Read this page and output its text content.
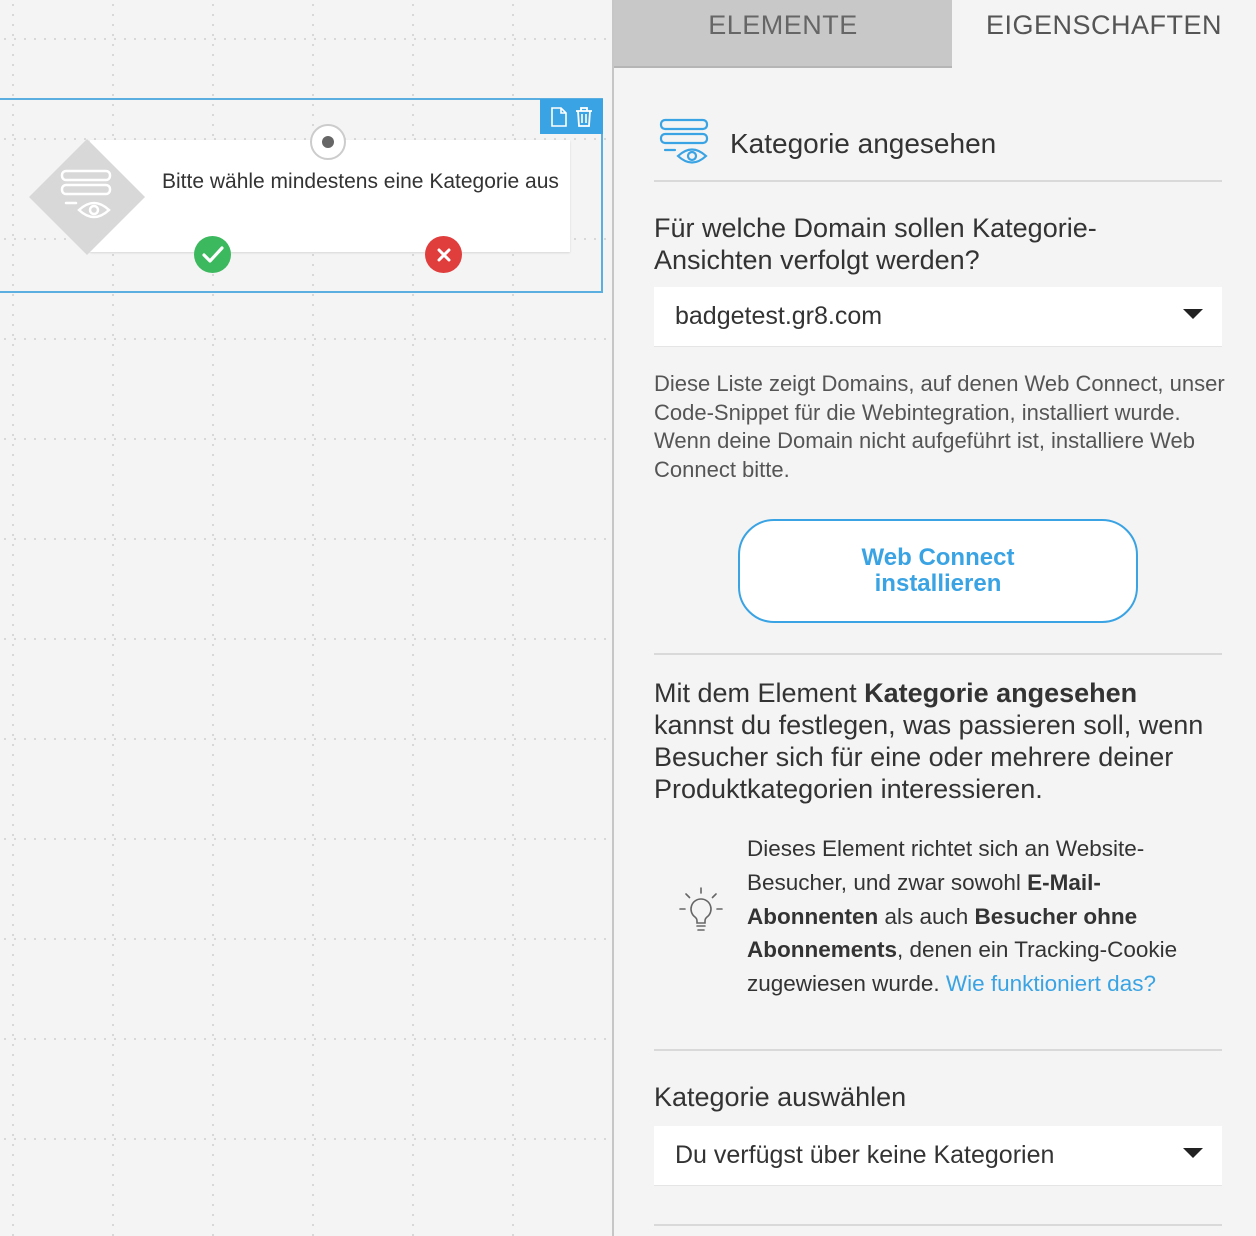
Bitte wähle mindestens eine Kategorie aus
ELEMENTE	EIGENSCHAFTEN
Kategorie angesehen
Für welche Domain sollen Kategorie-Ansichten verfolgt werden?
badgetest.gr8.com
Diese Liste zeigt Domains, auf denen Web Connect, unser Code-Snippet für die Webintegration, installiert wurde. Wenn deine Domain nicht aufgeführt ist, installiere Web Connect bitte.
Web Connect
installieren
Mit dem Element Kategorie angesehen kannst du festlegen, was passieren soll, wenn Besucher sich für eine oder mehrere deiner Produktkategorien interessieren.
Dieses Element richtet sich an Website-Besucher, und zwar sowohl E-Mail-Abonnenten als auch Besucher ohne Abonnements, denen ein Tracking-Cookie zugewiesen wurde. Wie funktioniert das?
Kategorie auswählen
Du verfügst über keine Kategorien
